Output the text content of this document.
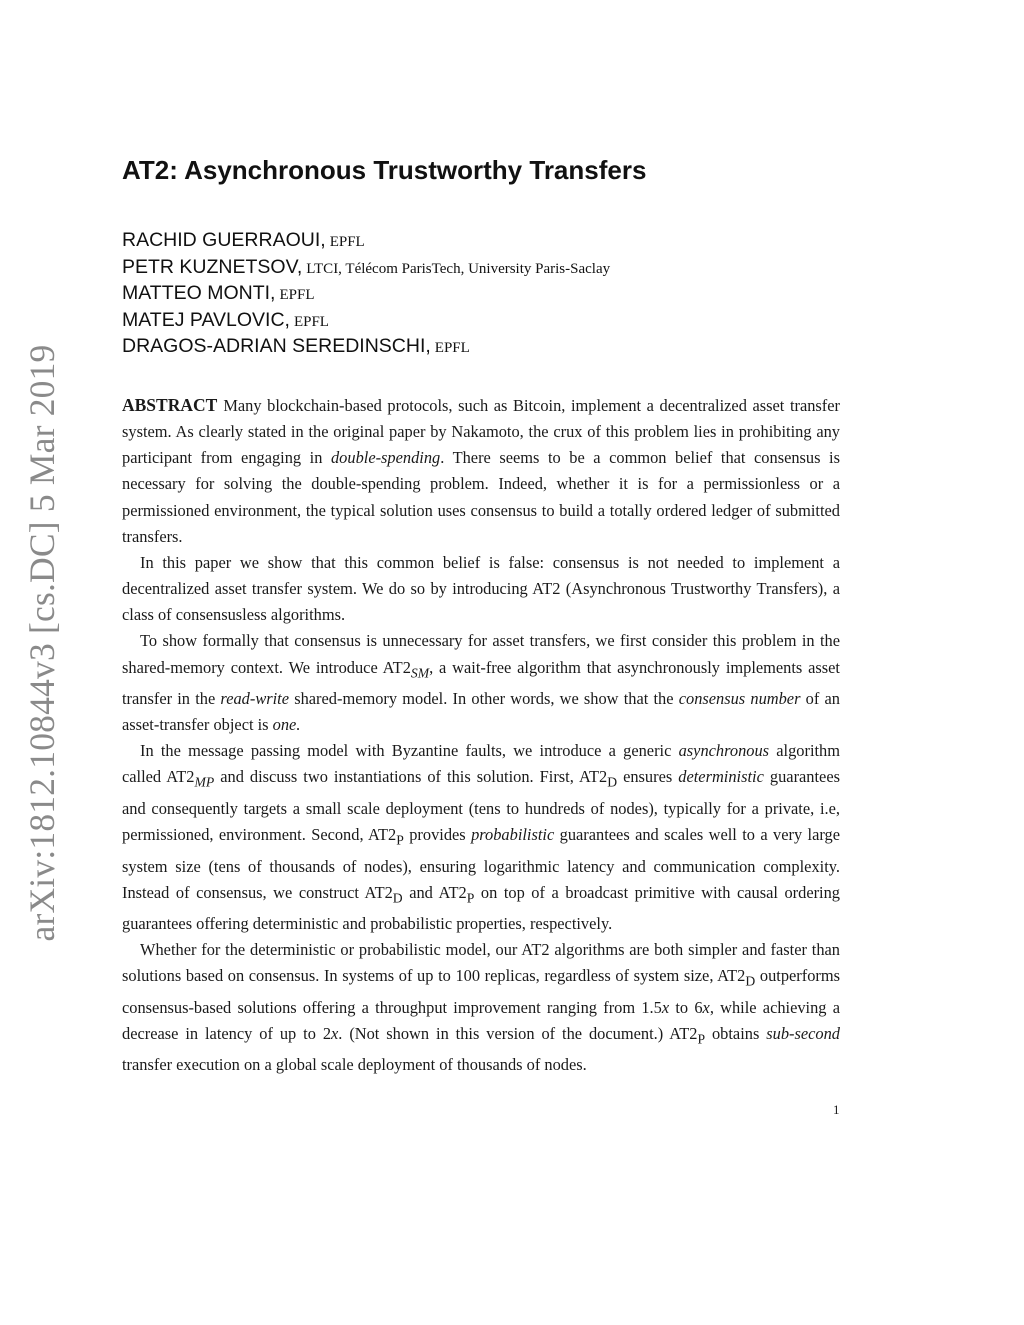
arXiv:1812.10844v3 [cs.DC] 5 Mar 2019
AT2: Asynchronous Trustworthy Transfers
RACHID GUERRAOUI, EPFL
PETR KUZNETSOV, LTCI, Télécom ParisTech, University Paris-Saclay
MATTEO MONTI, EPFL
MATEJ PAVLOVIC, EPFL
DRAGOS-ADRIAN SEREDINSCHI, EPFL

ABSTRACT Many blockchain-based protocols, such as Bitcoin, implement a decentralized asset transfer system. As clearly stated in the original paper by Nakamoto, the crux of this problem lies in prohibiting any participant from engaging in double-spending. There seems to be a common belief that consensus is necessary for solving the double-spending problem. Indeed, whether it is for a permissionless or a permissioned environment, the typical solution uses consensus to build a totally ordered ledger of submitted transfers.

In this paper we show that this common belief is false: consensus is not needed to implement a decentralized asset transfer system. We do so by introducing AT2 (Asynchronous Trustworthy Transfers), a class of consensusless algorithms.

To show formally that consensus is unnecessary for asset transfers, we first consider this problem in the shared-memory context. We introduce $AT2_{SM}$, a wait-free algorithm that asynchronously implements asset transfer in the read-write shared-memory model. In other words, we show that the consensus number of an asset-transfer object is one.

In the message passing model with Byzantine faults, we introduce a generic asynchronous algorithm called $AT2_{MP}$ and discuss two instantiations of this solution. First, $AT2_D$ ensures deterministic guarantees and consequently targets a small scale deployment (tens to hundreds of nodes), typically for a private, i.e, permissioned, environment. Second, $AT2_P$ provides probabilistic guarantees and scales well to a very large system size (tens of thousands of nodes), ensuring logarithmic latency and communication complexity. Instead of consensus, we construct $AT2_D$ and $AT2_P$ on top of a broadcast primitive with causal ordering guarantees offering deterministic and probabilistic properties, respectively.

Whether for the deterministic or probabilistic model, our AT2 algorithms are both simpler and faster than solutions based on consensus. In systems of up to 100 replicas, regardless of system size, $AT2_D$ outperforms consensus-based solutions offering a throughput improvement ranging from 1.5x to 6x, while achieving a decrease in latency of up to 2x. (Not shown in this version of the document.) $AT2_P$ obtains sub-second transfer execution on a global scale deployment of thousands of nodes.

1
